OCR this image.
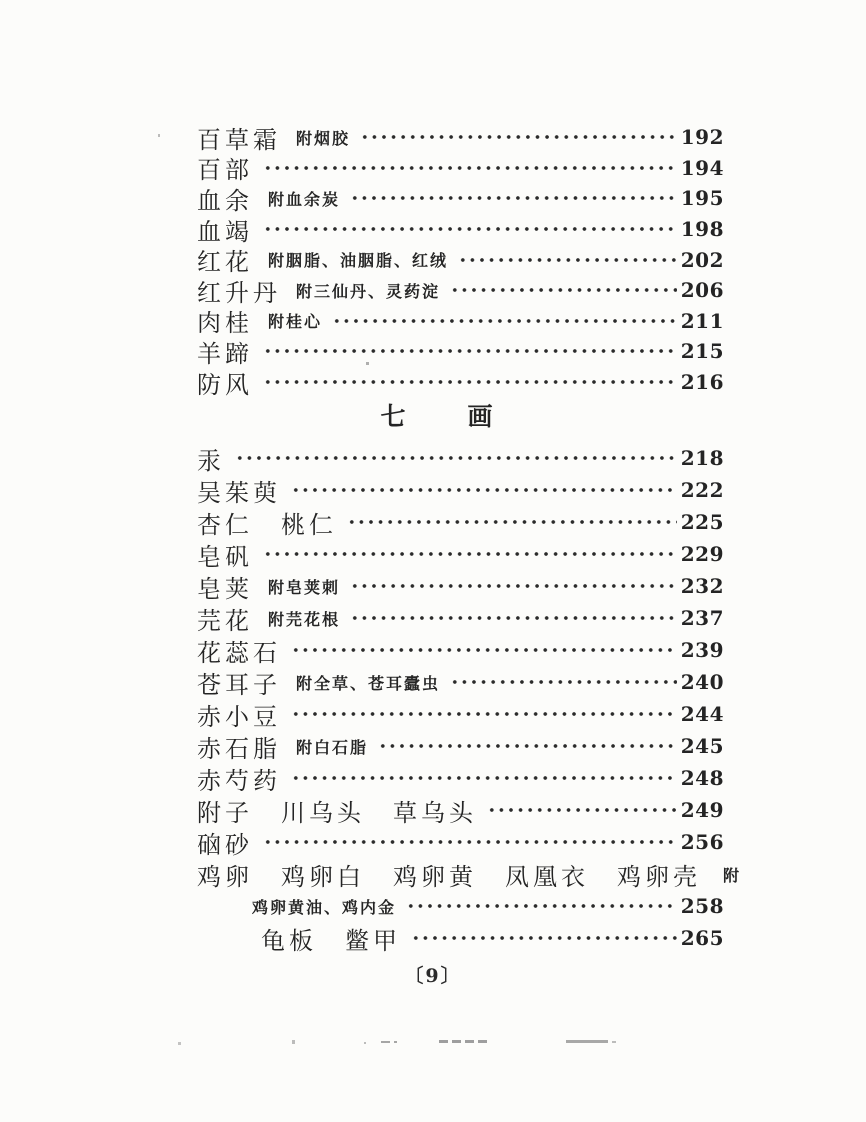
百草霜 附烟胶	192
百部	194
血余 附血余炭	195
血竭	198
红花 附胭脂、油胭脂、红绒	202
红升丹 附三仙丹、灵药淀	206
肉桂 附桂心	211
羊蹄	215
防风	216
七　　画
汞	218
吴茱萸	222
杏仁　桃仁	225
皂矾	229
皂荚 附皂荚刺	232
芫花 附芫花根	237
花蕊石	239
苍耳子 附全草、苍耳蠹虫	240
赤小豆	244
赤石脂 附白石脂	245
赤芍药	248
附子　川乌头　草乌头	249
硇砂	256
鸡卵　鸡卵白　鸡卵黄　凤凰衣　鸡卵壳 附
鸡卵黄油、鸡内金	258
龟板　鳖甲	265
〔9〕
